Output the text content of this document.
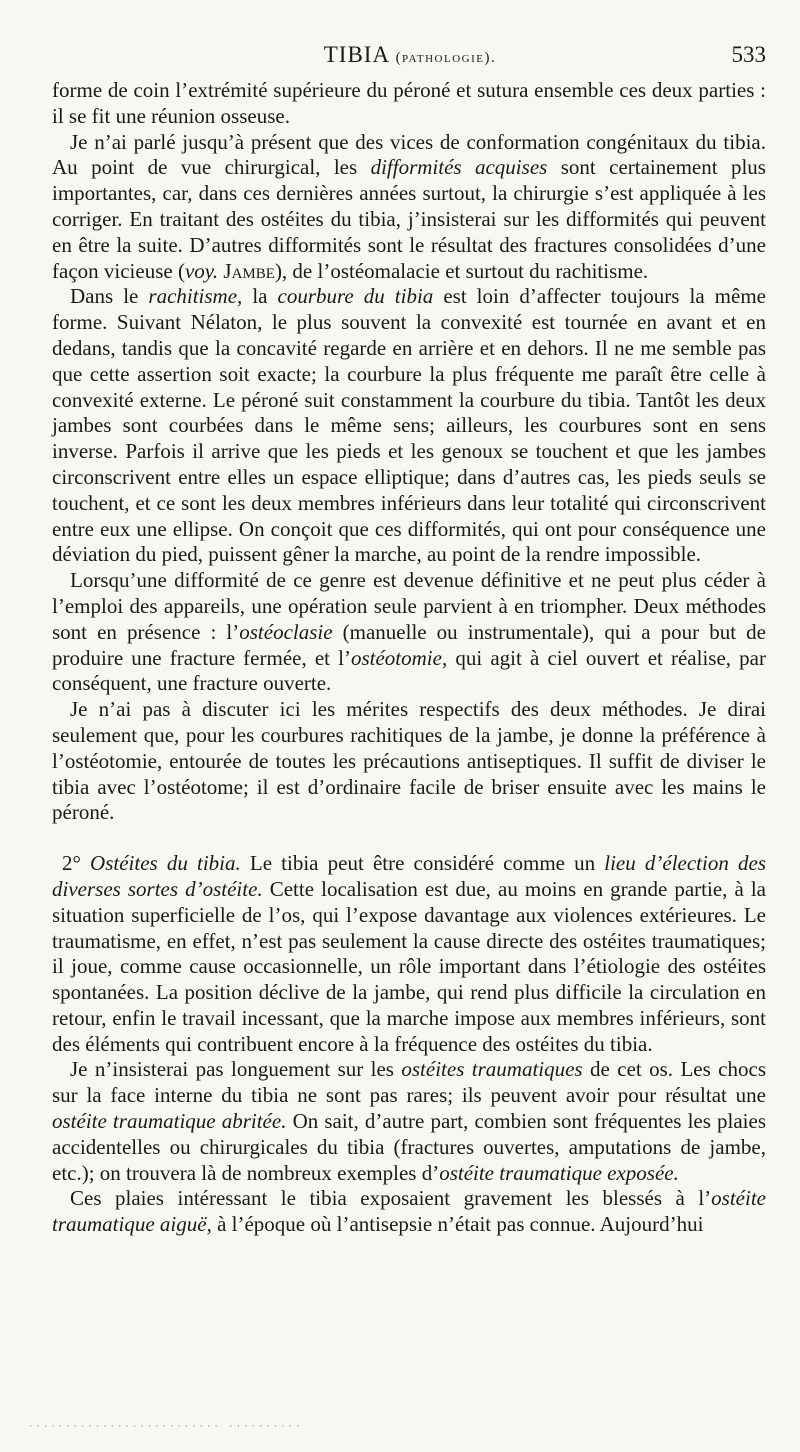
TIBIA (pathologie).	533

forme de coin l’extrémité supérieure du péroné et sutura ensemble ces deux parties : il se fit une réunion osseuse.

Je n’ai parlé jusqu’à présent que des vices de conformation congénitaux du tibia. Au point de vue chirurgical, les difformités acquises sont certainement plus importantes, car, dans ces dernières années surtout, la chirurgie s’est appliquée à les corriger. En traitant des ostéites du tibia, j’insisterai sur les difformités qui peuvent en être la suite. D’autres difformités sont le résultat des fractures consolidées d’une façon vicieuse (voy. Jambe), de l’ostéomalacie et surtout du rachitisme.

Dans le rachitisme, la courbure du tibia est loin d’affecter toujours la même forme. Suivant Nélaton, le plus souvent la convexité est tournée en avant et en dedans, tandis que la concavité regarde en arrière et en dehors. Il ne me semble pas que cette assertion soit exacte; la courbure la plus fréquente me paraît être celle à convexité externe. Le péroné suit constamment la courbure du tibia. Tantôt les deux jambes sont courbées dans le même sens; ailleurs, les courbures sont en sens inverse. Parfois il arrive que les pieds et les genoux se touchent et que les jambes circonscrivent entre elles un espace elliptique; dans d’autres cas, les pieds seuls se touchent, et ce sont les deux membres inférieurs dans leur totalité qui circonscrivent entre eux une ellipse. On conçoit que ces difformités, qui ont pour conséquence une déviation du pied, puissent gêner la marche, au point de la rendre impossible.

Lorsqu’une difformité de ce genre est devenue définitive et ne peut plus céder à l’emploi des appareils, une opération seule parvient à en triompher. Deux méthodes sont en présence : l’ostéoclasie (manuelle ou instrumentale), qui a pour but de produire une fracture fermée, et l’ostéotomie, qui agit à ciel ouvert et réalise, par conséquent, une fracture ouverte.

Je n’ai pas à discuter ici les mérites respectifs des deux méthodes. Je dirai seulement que, pour les courbures rachitiques de la jambe, je donne la préférence à l’ostéotomie, entourée de toutes les précautions antiseptiques. Il suffit de diviser le tibia avec l’ostéotome; il est d’ordinaire facile de briser ensuite avec les mains le péroné.

2° Ostéites du tibia. Le tibia peut être considéré comme un lieu d’élection des diverses sortes d’ostéite. Cette localisation est due, au moins en grande partie, à la situation superficielle de l’os, qui l’expose davantage aux violences extérieures. Le traumatisme, en effet, n’est pas seulement la cause directe des ostéites traumatiques; il joue, comme cause occasionnelle, un rôle important dans l’étiologie des ostéites spontanées. La position déclive de la jambe, qui rend plus difficile la circulation en retour, enfin le travail incessant, que la marche impose aux membres inférieurs, sont des éléments qui contribuent encore à la fréquence des ostéites du tibia.

Je n’insisterai pas longuement sur les ostéites traumatiques de cet os. Les chocs sur la face interne du tibia ne sont pas rares; ils peuvent avoir pour résultat une ostéite traumatique abritée. On sait, d’autre part, combien sont fréquentes les plaies accidentelles ou chirurgicales du tibia (fractures ouvertes, amputations de jambe, etc.); on trouvera là de nombreux exemples d’ostéite traumatique exposée.

Ces plaies intéressant le tibia exposaient gravement les blessés à l’ostéite traumatique aiguë, à l’époque où l’antisepsie n’était pas connue. Aujourd’hui

·························· ··········
